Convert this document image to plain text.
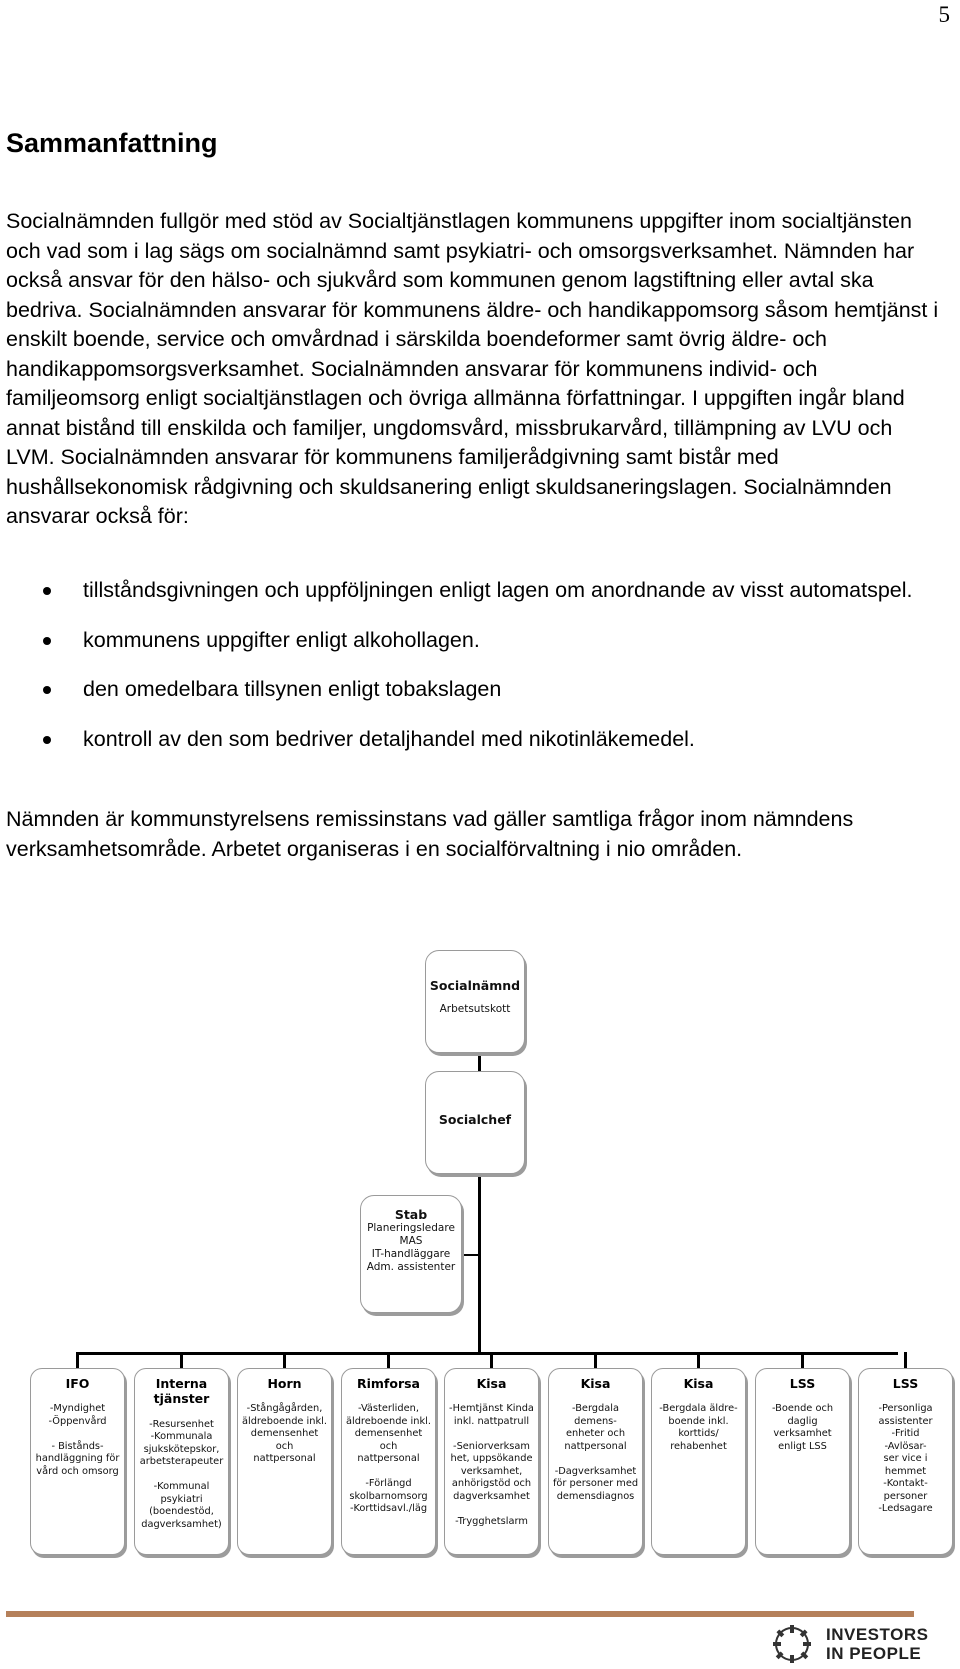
5
Sammanfattning

Socialnämnden fullgör med stöd av Socialtjänstlagen kommunens uppgifter inom socialtjänsten och vad som i lag sägs om socialnämnd samt psykiatri- och omsorgsverksamhet. Nämnden har också ansvar för den hälso- och sjukvård som kommunen genom lagstiftning eller avtal ska bedriva. Socialnämnden ansvarar för kommunens äldre- och handikappomsorg såsom hemtjänst i enskilt boende, service och omvårdnad i särskilda boendeformer samt övrig äldre- och handikappomsorgsverksamhet. Socialnämnden ansvarar för kommunens individ- och familjeomsorg enligt socialtjänstlagen och övriga allmänna författningar. I uppgiften ingår bland annat bistånd till enskilda och familjer, ungdomsvård, missbrukarvård, tillämpning av LVU och LVM. Socialnämnden ansvarar för kommunens familjerådgivning samt bistår med hushållsekonomisk rådgivning och skuldsanering enligt skuldsaneringslagen. Socialnämnden ansvarar också för:

tillståndsgivningen och uppföljningen enligt lagen om anordnande av visst automatspel.
kommunens uppgifter enligt alkohollagen.
den omedelbara tillsynen enligt tobakslagen
kontroll av den som bedriver detaljhandel med nikotinläkemedel.

Nämnden är kommunstyrelsens remissinstans vad gäller samtliga frågor inom nämndens verksamhetsområde. Arbetet organiseras i en socialförvaltning i nio områden.

Socialnämnd
Arbetsutskott
Socialchef
Stab
Planeringsledare
MAS
IT-handläggare
Adm. assistenter
IFO
-Myndighet
-Öppenvård

- Bistånds-
handläggning för
vård och omsorg
Interna
tjänster

-Resursenhet
-Kommunala
sjukskötерskor,
arbetsterapeuter

-Kommunal
psykiatri
(boendestöd,
dagverksamhet)
Horn
-Stångågården,
äldreboende inkl.
demensenhet
och
nattpersonal
Rimforsa
-Västerliden,
äldreboende inkl.
demensenhet
och
nattpersonal

-Förlängd
skolbarnomsorg
-Korttidsavl./läg
Kisa
-Hemtjänst Kinda
inkl. nattpatrull

-Seniorverksam
het, uppsökande
verksamhet,
anhörigstöd och
dagverksamhet

-Trygghetslarm
Kisa
-Bergdala
demens-
enheter och
nattpersonal

-Dagverksamhet
för personer med
demensdiagnos
Kisa
-Bergdala äldre-
boende inkl.
korttids/
rehabenhet
LSS
-Boende och
daglig
verksamhet
enligt LSS
LSS
-Personliga
assistenter
-Fritid
-Avlösar-
ser vice i
hemmet
-Kontakt-
personer
-Ledsagare
INVESTORS
IN PEOPLE
